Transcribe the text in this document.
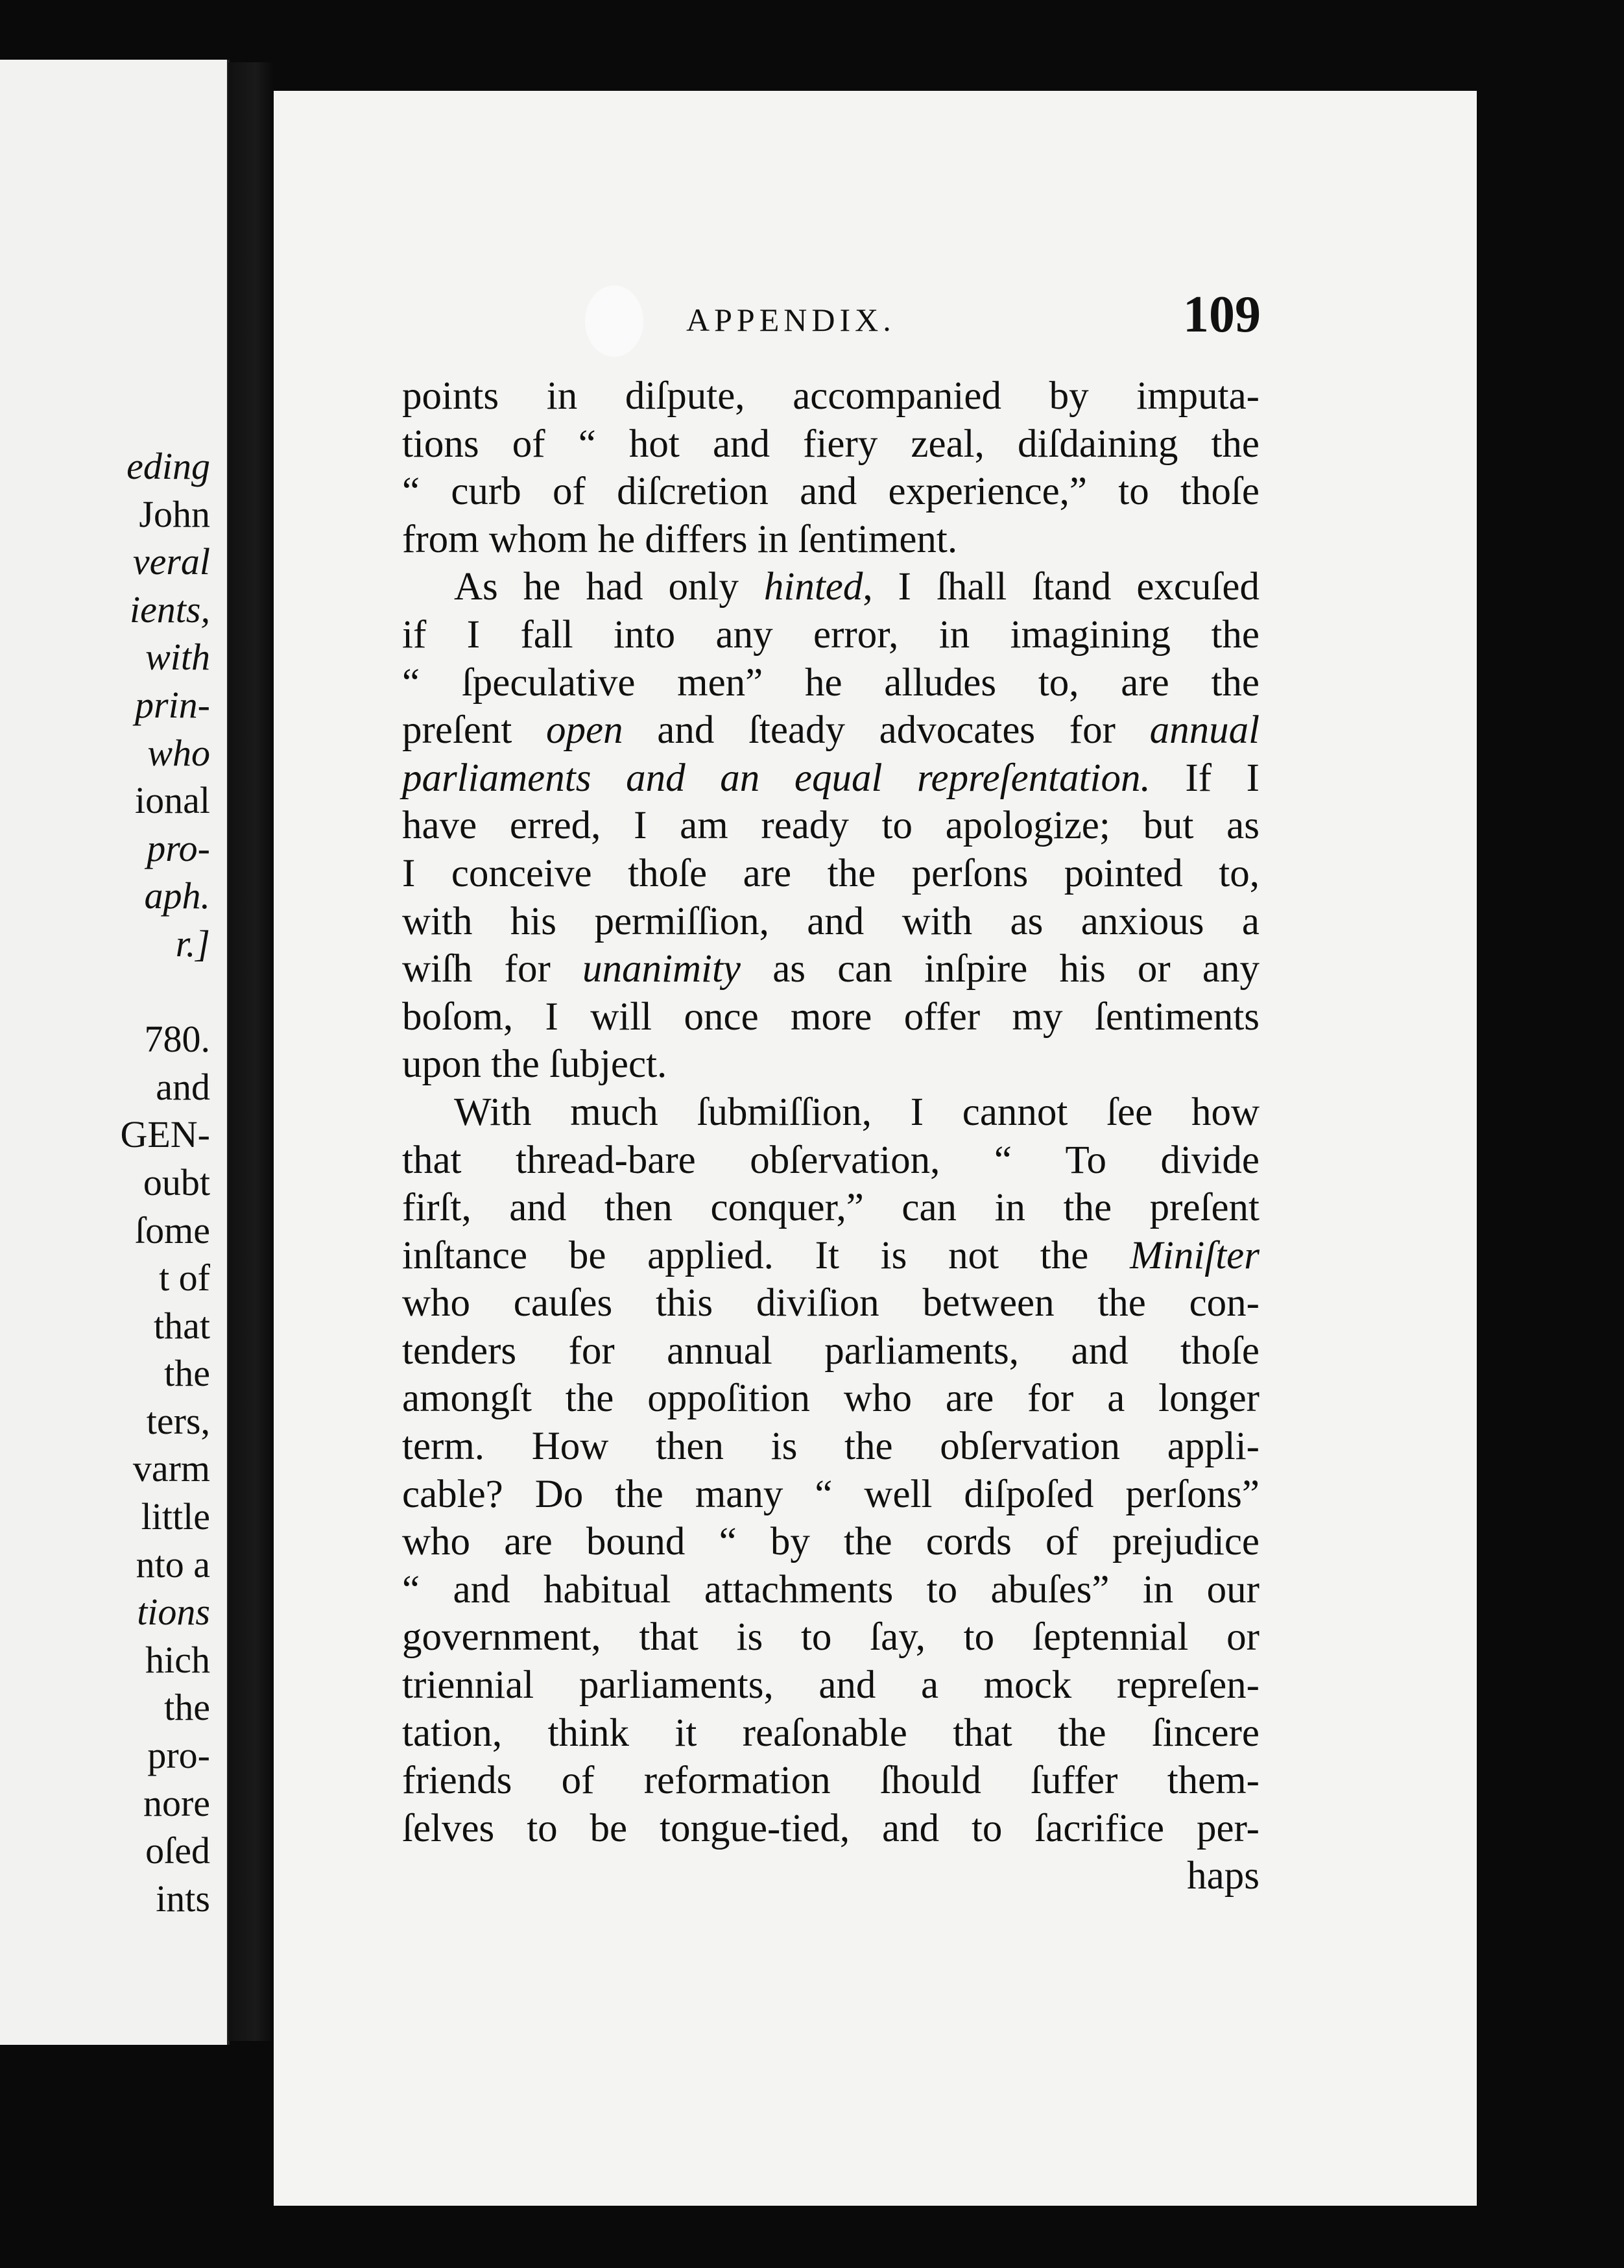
eding
John
veral
ients,
with
prin-
who
ional
pro-
aph.
r.]
780.
and
GEN-
oubt
ſome
t of
that
the
ters,
varm
little
nto a
tions
hich
the
pro-
nore
oſed
ints
APPENDIX.	109
points in diſpute, accompanied by imputa-
tions of “ hot and fiery zeal, diſdaining the
“ curb of diſcretion and experience,” to thoſe
from whom he differs in ſentiment.
As he had only hinted, I ſhall ſtand excuſed
if I fall into any error, in imagining the
“ ſpeculative men” he alludes to, are the
preſent open and ſteady advocates for annual
parliaments and an equal repreſentation. If I
have erred, I am ready to apologize; but as
I conceive thoſe are the perſons pointed to,
with his permiſſion, and with as anxious a
wiſh for unanimity as can inſpire his or any
boſom, I will once more offer my ſentiments
upon the ſubject.
With much ſubmiſſion, I cannot ſee how
that thread-bare obſervation, “ To divide
firſt, and then conquer,” can in the preſent
inſtance be applied. It is not the Miniſter
who cauſes this diviſion between the con-
tenders for annual parliaments, and thoſe
amongſt the oppoſition who are for a longer
term. How then is the obſervation appli-
cable? Do the many “ well diſpoſed perſons”
who are bound “ by the cords of prejudice
“ and habitual attachments to abuſes” in our
government, that is to ſay, to ſeptennial or
triennial parliaments, and a mock repreſen-
tation, think it reaſonable that the ſincere
friends of reformation ſhould ſuffer them-
ſelves to be tongue-tied, and to ſacrifice per-
haps
